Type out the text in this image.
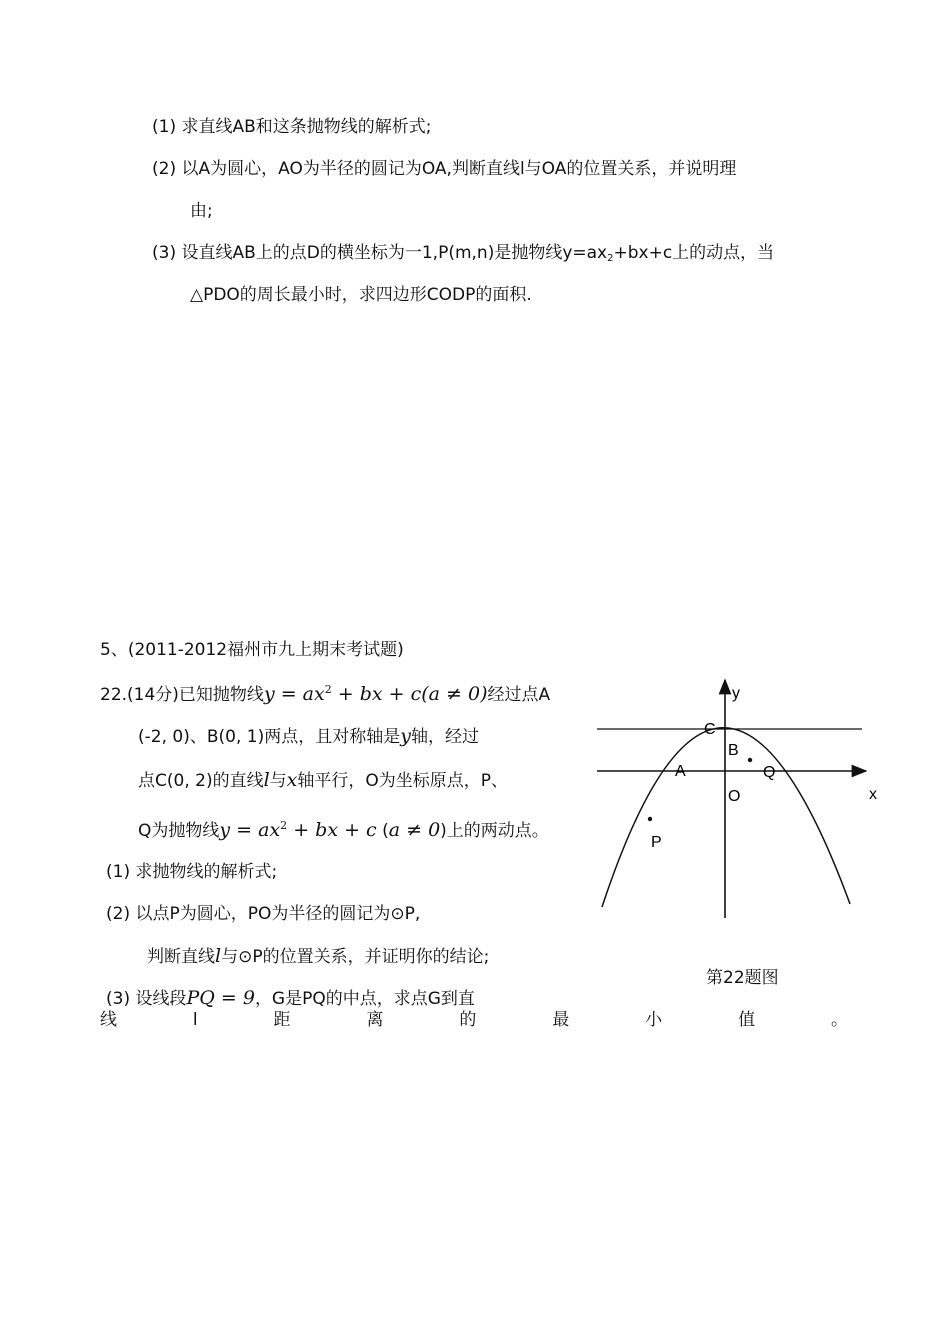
(1) 求直线AB和这条抛物线的解析式;
(2) 以A为圆心，AO为半径的圆记为OA,判断直线l与OA的位置关系，并说明理
由;
(3) 设直线AB上的点D的横坐标为一1,P(m,n)是抛物线$y=ax_2+bx+c$上的动点，当
△PDO的周长最小时，求四边形CODP的面积.
5、(2011-2012福州市九上期末考试题)
22.(14分)已知抛物线$y = ax^2$ + bx + c(a ≠ 0)经过点A
(-2, 0)、B(0, 1)两点，且对称轴是y轴，经过
点C(0, 2)的直线l与x轴平行，O为坐标原点，P、
Q为抛物线$y = ax^2$ + bx + c (a ≠ 0)上的两动点。
(1) 求抛物线的解析式;
(2) 以点P为圆心，PO为半径的圆记为⊙P,
判断直线l与⊙P的位置关系，并证明你的结论;
(3) 设线段PQ = 9，G是PQ的中点，求点G到直
线	l	距	离	的	最	小	值	。
y
x
C
B
A	Q
O
P
第22题图
